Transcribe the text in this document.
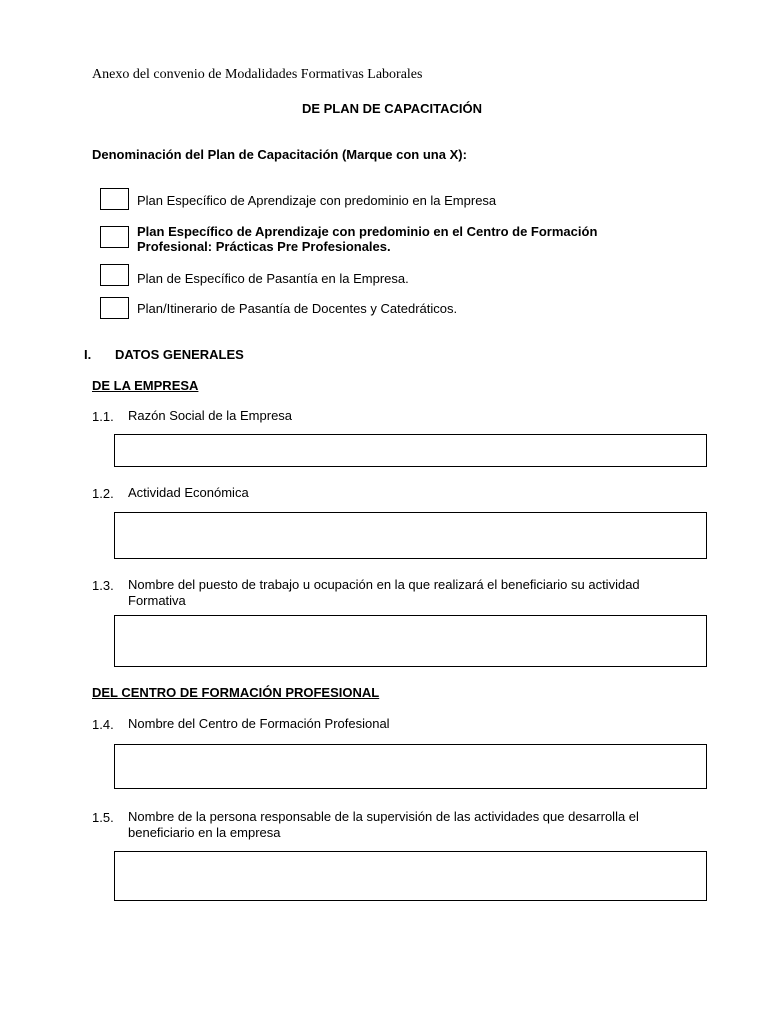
Anexo del convenio de Modalidades Formativas Laborales
DE PLAN DE CAPACITACIÓN
Denominación del Plan de Capacitación (Marque con una X):
Plan Específico de Aprendizaje con predominio en la Empresa
Plan Específico de Aprendizaje con predominio en el Centro de Formación
Profesional: Prácticas Pre Profesionales.
Plan de Específico de Pasantía en la Empresa.
Plan/Itinerario de Pasantía de Docentes y Catedráticos.
I. DATOS GENERALES
DE LA EMPRESA
1.1. Razón Social de la Empresa
1.2. Actividad Económica
1.3. Nombre del puesto de trabajo u ocupación en la que realizará el beneficiario su actividad
Formativa
DEL CENTRO DE FORMACIÓN PROFESIONAL
1.4. Nombre del Centro de Formación Profesional
1.5. Nombre de la persona responsable de la supervisión de las actividades que desarrolla el
beneficiario en la empresa
